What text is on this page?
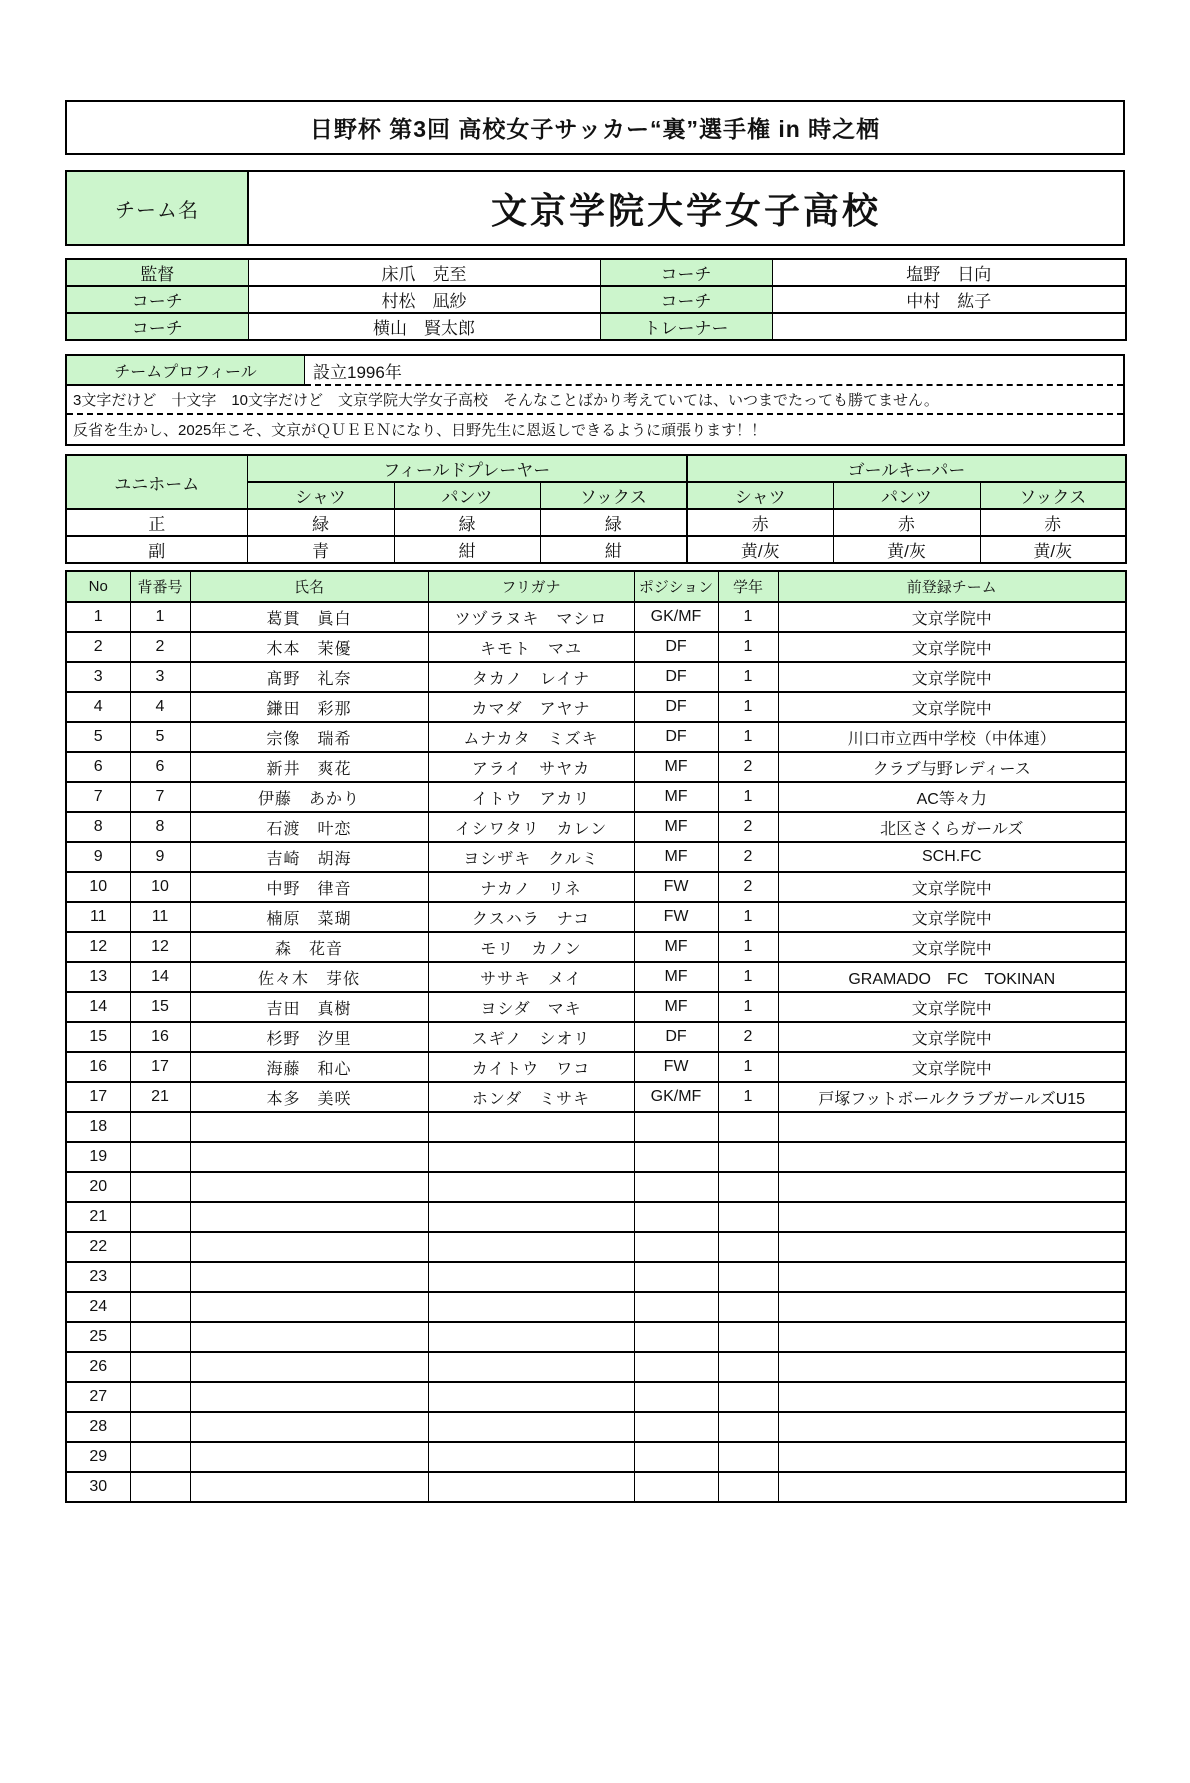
日野杯 第3回 高校女子サッカー“裏”選手権 in 時之栖
チーム名	文京学院大学女子高校
監督	床爪　克至	コーチ	塩野　日向
コーチ	村松　凪紗	コーチ	中村　紘子
コーチ	横山　賢太郎	トレーナー	
チームプロフィール	設立1996年
3文字だけど　十文字　10文字だけど　文京学院大学女子高校　そんなことばかり考えていては、いつまでたっても勝てません。
反省を生かし、2025年こそ、文京がＱＵＥＥＮになり、日野先生に恩返しできるように頑張ります！！
ユニホーム	フィールドプレーヤー			ゴールキーパー		
	シャツ	パンツ	ソックス	シャツ	パンツ	ソックス
正	緑	緑	緑	赤	赤	赤
副	青	紺	紺	黄/灰	黄/灰	黄/灰
No	背番号	氏名	フリガナ	ポジション	学年	前登録チーム
1	1	葛貫　眞白	ツヅラヌキ　マシロ	GK/MF	1	文京学院中
2	2	木本　茉優	キモト　マユ	DF	1	文京学院中
3	3	髙野　礼奈	タカノ　レイナ	DF	1	文京学院中
4	4	鎌田　彩那	カマダ　アヤナ	DF	1	文京学院中
5	5	宗像　瑞希	ムナカタ　ミズキ	DF	1	川口市立西中学校（中体連）
6	6	新井　爽花	アライ　サヤカ	MF	2	クラブ与野レディース
7	7	伊藤　あかり	イトウ　アカリ	MF	1	AC等々力
8	8	石渡　叶恋	イシワタリ　カレン	MF	2	北区さくらガールズ
9	9	吉崎　胡海	ヨシザキ　クルミ	MF	2	SCH.FC
10	10	中野　律音	ナカノ　リネ	FW	2	文京学院中
11	11	楠原　菜瑚	クスハラ　ナコ	FW	1	文京学院中
12	12	森　花音	モリ　カノン	MF	1	文京学院中
13	14	佐々木　芽依	ササキ　メイ	MF	1	GRAMADO　FC　TOKINAN
14	15	吉田　真樹	ヨシダ　マキ	MF	1	文京学院中
15	16	杉野　汐里	スギノ　シオリ	DF	2	文京学院中
16	17	海藤　和心	カイトウ　ワコ	FW	1	文京学院中
17	21	本多　美咲	ホンダ　ミサキ	GK/MF	1	戸塚フットボールクラブガールズU15
18						
19						
20						
21						
22						
23						
24						
25						
26						
27						
28						
29						
30						
